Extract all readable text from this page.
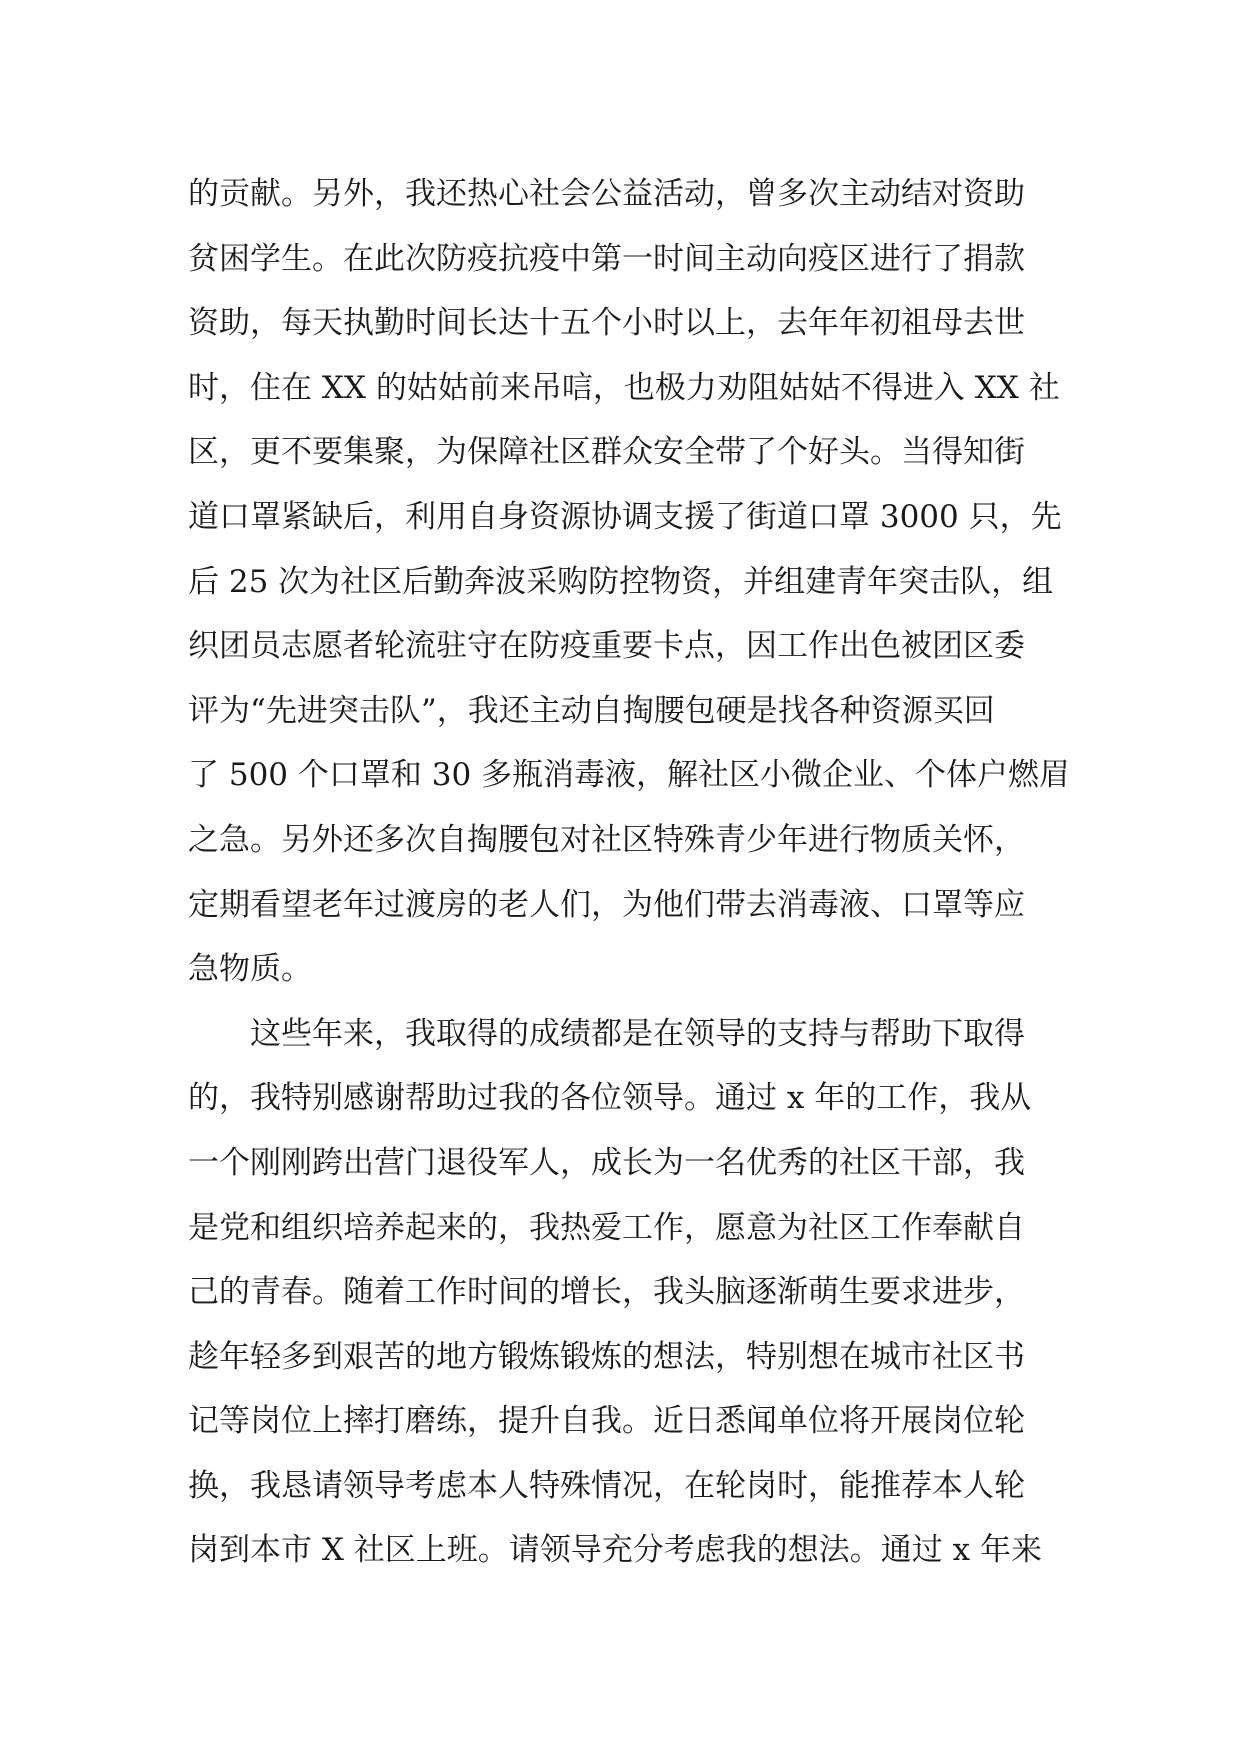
的贡献。另外，我还热心社会公益活动，曾多次主动结对资助
贫困学生。在此次防疫抗疫中第一时间主动向疫区进行了捐款
资助，每天执勤时间长达十五个小时以上，去年年初祖母去世
时，住在 XX 的姑姑前来吊唁，也极力劝阻姑姑不得进入 XX 社
区，更不要集聚，为保障社区群众安全带了个好头。当得知街
道口罩紧缺后，利用自身资源协调支援了街道口罩 3000 只，先
后 25 次为社区后勤奔波采购防控物资，并组建青年突击队，组
织团员志愿者轮流驻守在防疫重要卡点，因工作出色被团区委
评为“先进突击队”，我还主动自掏腰包硬是找各种资源买回
了 500 个口罩和 30 多瓶消毒液，解社区小微企业、个体户燃眉
之急。另外还多次自掏腰包对社区特殊青少年进行物质关怀，
定期看望老年过渡房的老人们，为他们带去消毒液、口罩等应
急物质。
这些年来，我取得的成绩都是在领导的支持与帮助下取得
的，我特别感谢帮助过我的各位领导。通过 x 年的工作，我从
一个刚刚跨出营门退役军人，成长为一名优秀的社区干部，我
是党和组织培养起来的，我热爱工作，愿意为社区工作奉献自
己的青春。随着工作时间的增长，我头脑逐渐萌生要求进步，
趁年轻多到艰苦的地方锻炼锻炼的想法，特别想在城市社区书
记等岗位上摔打磨练，提升自我。近日悉闻单位将开展岗位轮
换，我恳请领导考虑本人特殊情况，在轮岗时，能推荐本人轮
岗到本市 X 社区上班。请领导充分考虑我的想法。通过 x 年来
